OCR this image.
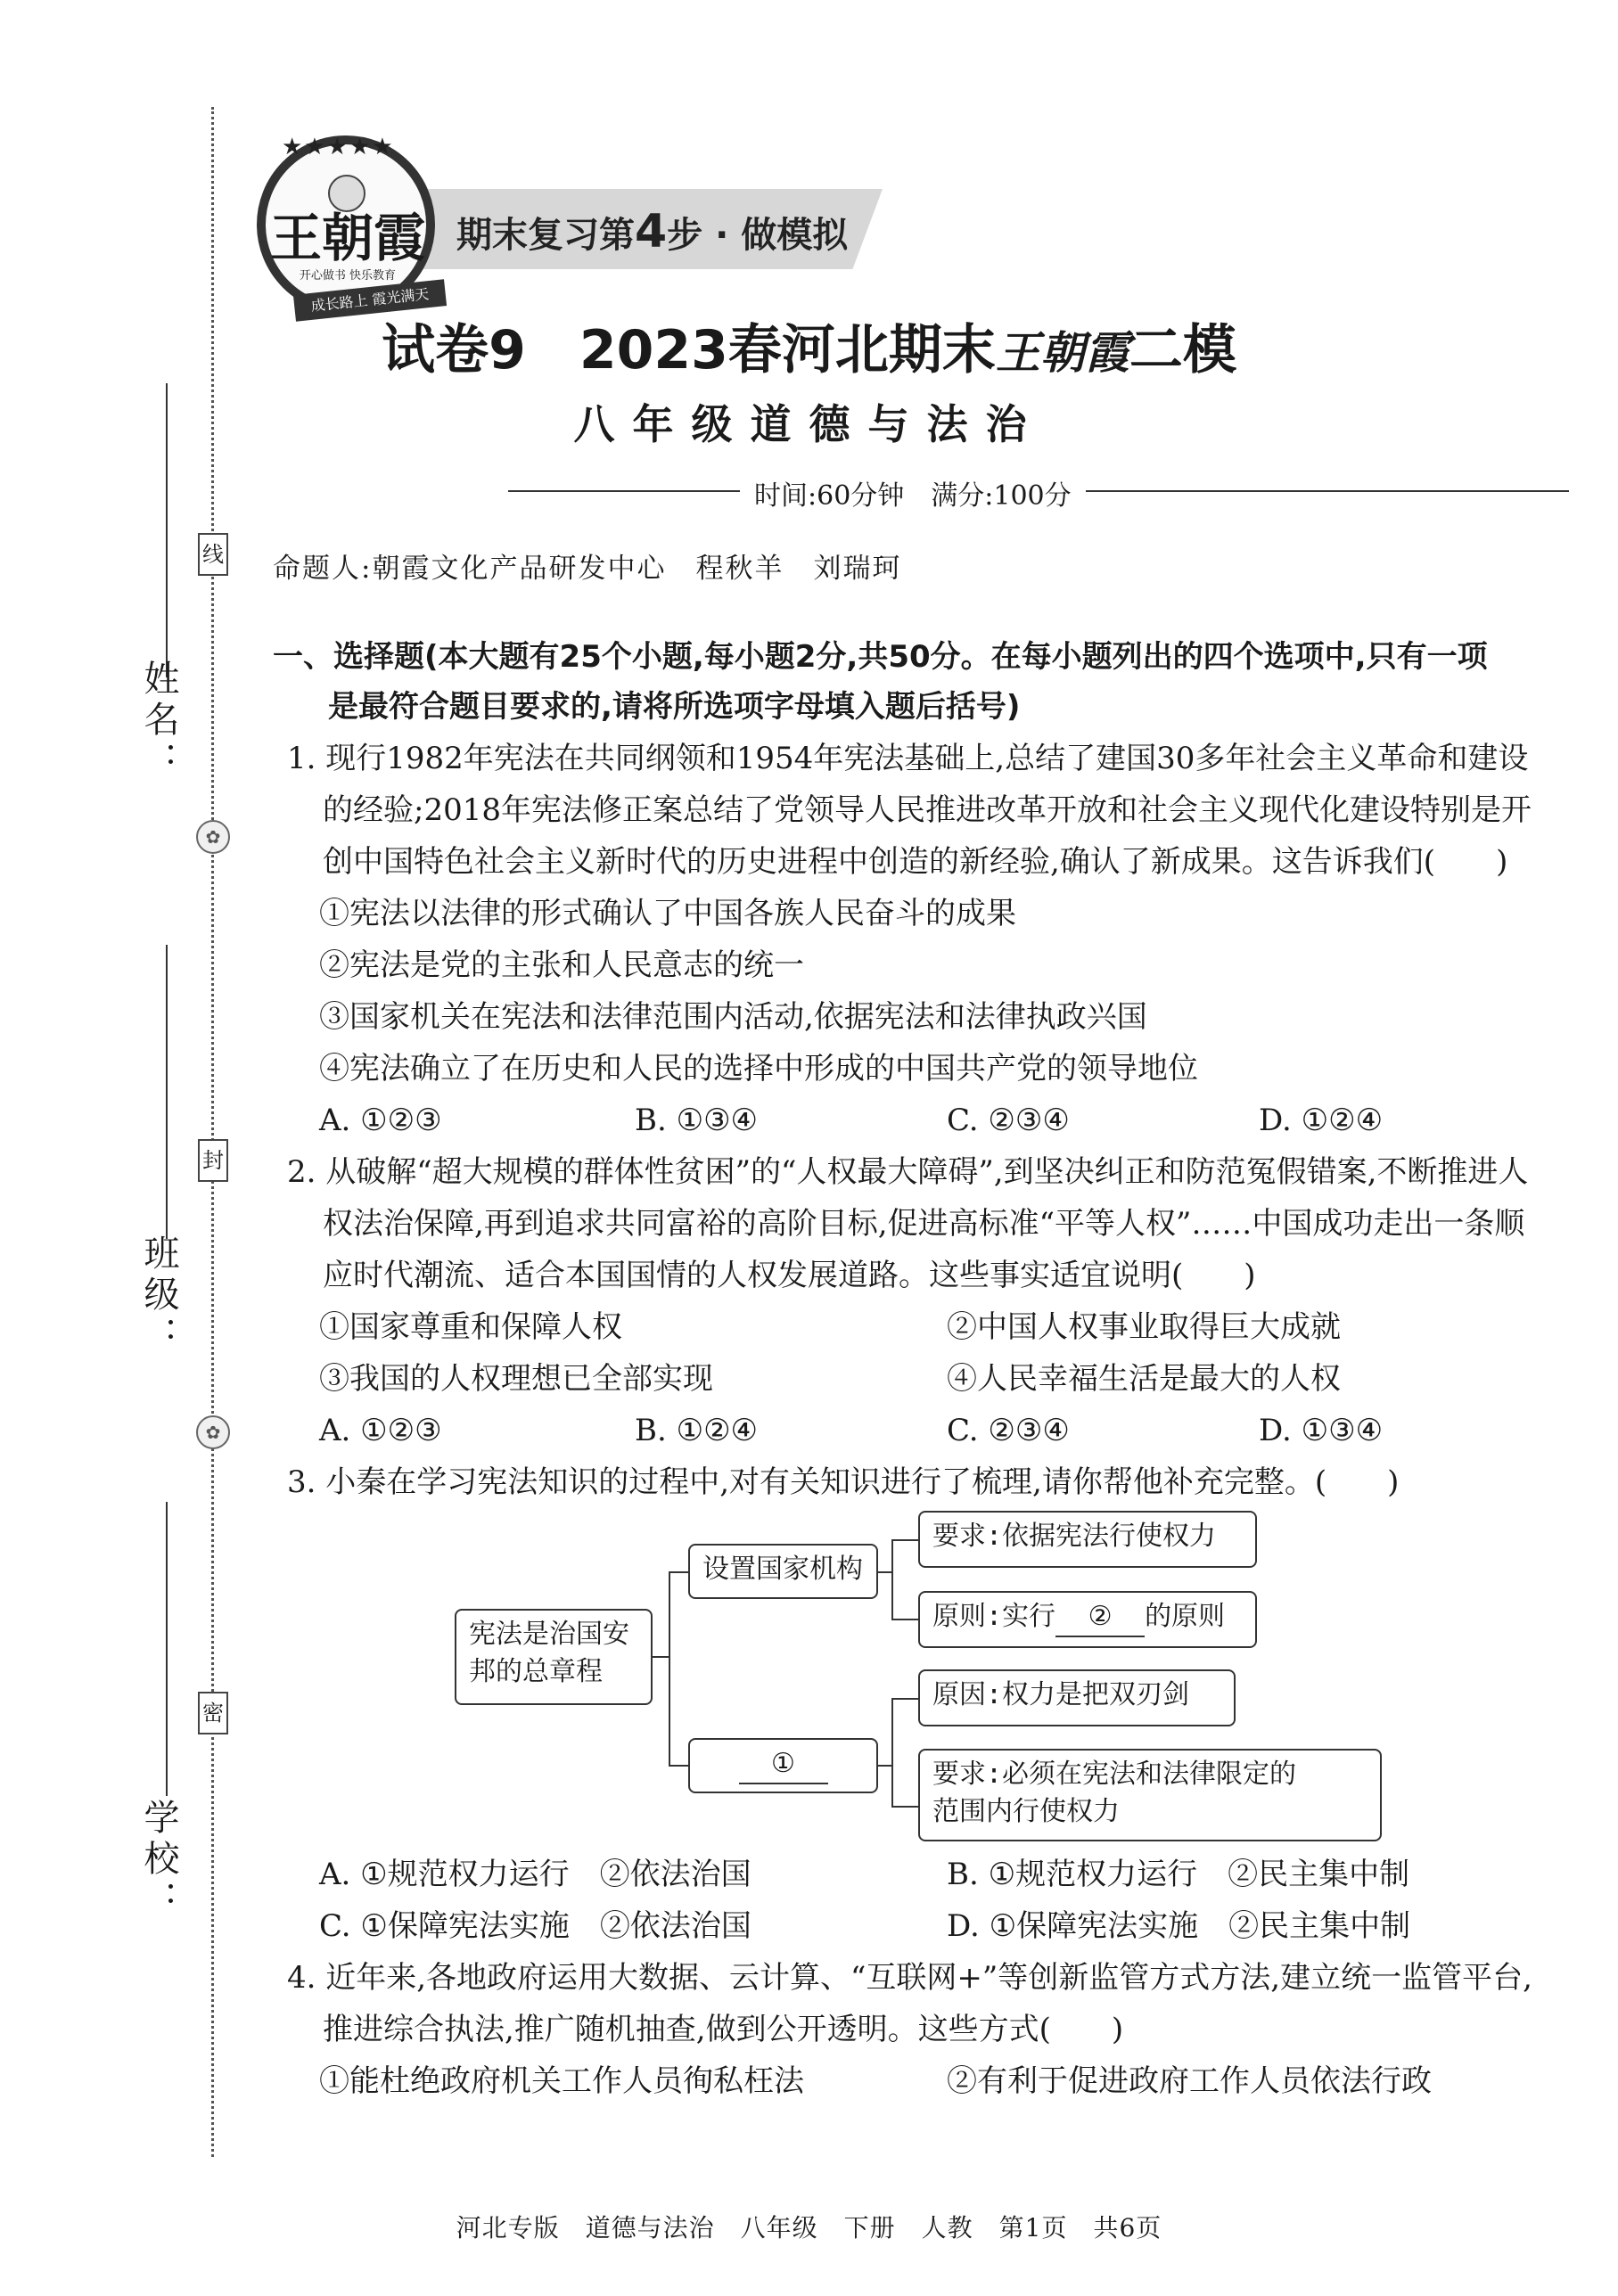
线
封
密
✿
✿
姓名：
班级：
学校：
期末复习第4步 · 做模拟
★★★★★
王朝霞
开心做书 快乐教育
成长路上 霞光满天
试卷9　2023春河北期末王朝霞二模
八年级道德与法治
时间:60分钟　满分:100分
命题人:朝霞文化产品研发中心　程秋羊　刘瑞珂
一、选择题(本大题有25个小题,每小题2分,共50分。在每小题列出的四个选项中,只有一项
是最符合题目要求的,请将所选项字母填入题后括号)
1. 现行1982年宪法在共同纲领和1954年宪法基础上,总结了建国30多年社会主义革命和建设
的经验;2018年宪法修正案总结了党领导人民推进改革开放和社会主义现代化建设特别是开
创中国特色社会主义新时代的历史进程中创造的新经验,确认了新成果。这告诉我们(　　)
①宪法以法律的形式确认了中国各族人民奋斗的成果
②宪法是党的主张和人民意志的统一
③国家机关在宪法和法律范围内活动,依据宪法和法律执政兴国
④宪法确立了在历史和人民的选择中形成的中国共产党的领导地位
A. ①②③	B. ①③④	C. ②③④	D. ①②④
2. 从破解“超大规模的群体性贫困”的“人权最大障碍”,到坚决纠正和防范冤假错案,不断推进人
权法治保障,再到追求共同富裕的高阶目标,促进高标准“平等人权”……中国成功走出一条顺
应时代潮流、适合本国国情的人权发展道路。这些事实适宜说明(　　)
①国家尊重和保障人权	②中国人权事业取得巨大成就
③我国的人权理想已全部实现	④人民幸福生活是最大的人权
A. ①②③	B. ①②④	C. ②③④	D. ①③④
3. 小秦在学习宪法知识的过程中,对有关知识进行了梳理,请你帮他补充完整。(　　)
宪法是治国安
邦的总章程
设置国家机构
①
要求:依据宪法行使权力
原则:实行 ② 的原则
原因:权力是把双刃剑
要求:必须在宪法和法律限定的
范围内行使权力
A. ①规范权力运行　②依法治国	B. ①规范权力运行　②民主集中制
C. ①保障宪法实施　②依法治国	D. ①保障宪法实施　②民主集中制
4. 近年来,各地政府运用大数据、云计算、“互联网+”等创新监管方式方法,建立统一监管平台,
推进综合执法,推广随机抽查,做到公开透明。这些方式(　　)
①能杜绝政府机关工作人员徇私枉法	②有利于促进政府工作人员依法行政
河北专版　道德与法治　八年级　下册　人教　第1页　共6页
